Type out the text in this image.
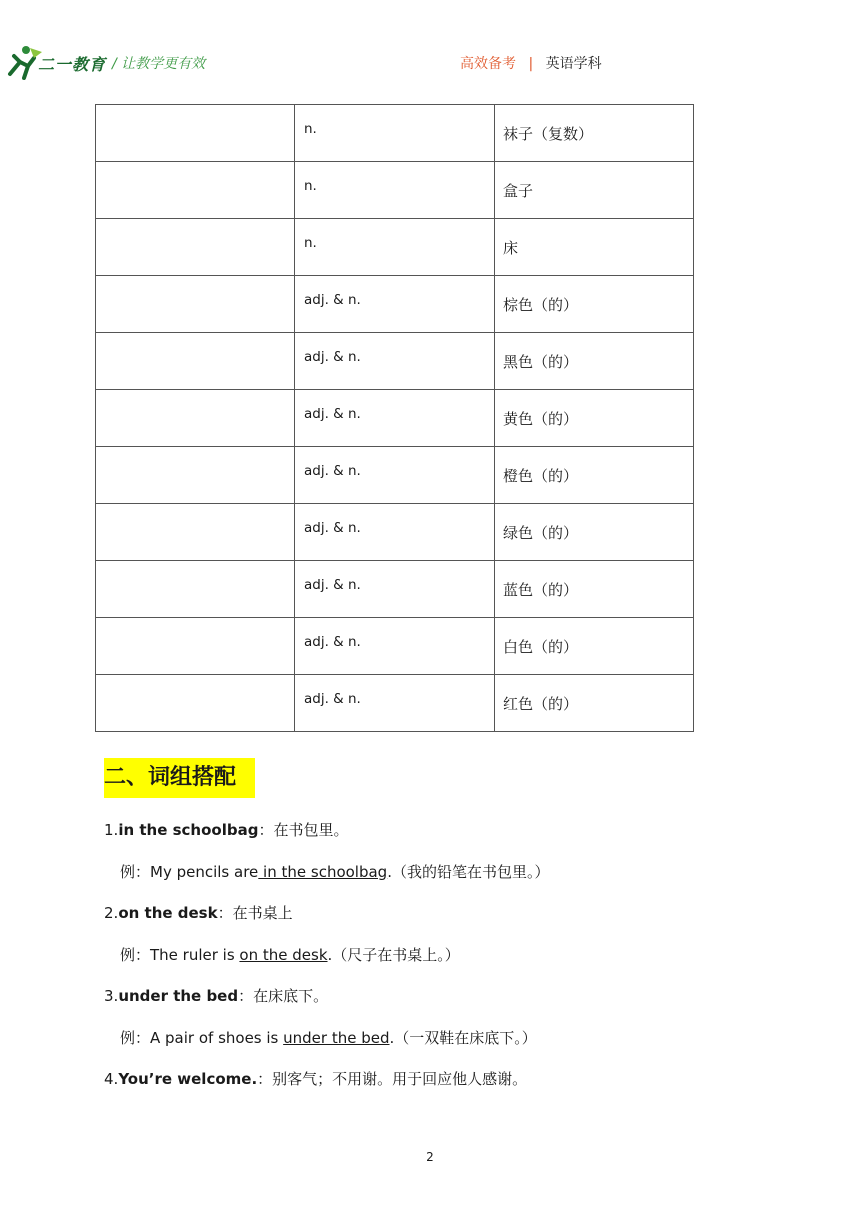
二一教育 / 让教学更有效	高效备考 | 英语学科

	n.	袜子（复数）

	n.	盒子

	n.	床

	adj. & n.	棕色（的）

	adj. & n.	黑色（的）

	adj. & n.	黄色（的）

	adj. & n.	橙色（的）

	adj. & n.	绿色（的）

	adj. & n.	蓝色（的）

	adj. & n.	白色（的）

	adj. & n.	红色（的）
二、词组搭配
1.in the schoolbag：在书包里。
例：My pencils are in the schoolbag.（我的铅笔在书包里。）
2.on the desk：在书桌上
例：The ruler is on the desk.（尺子在书桌上。）
3.under the bed：在床底下。
例：A pair of shoes is under the bed.（一双鞋在床底下。）
4.You’re welcome.：别客气；不用谢。用于回应他人感谢。
2
